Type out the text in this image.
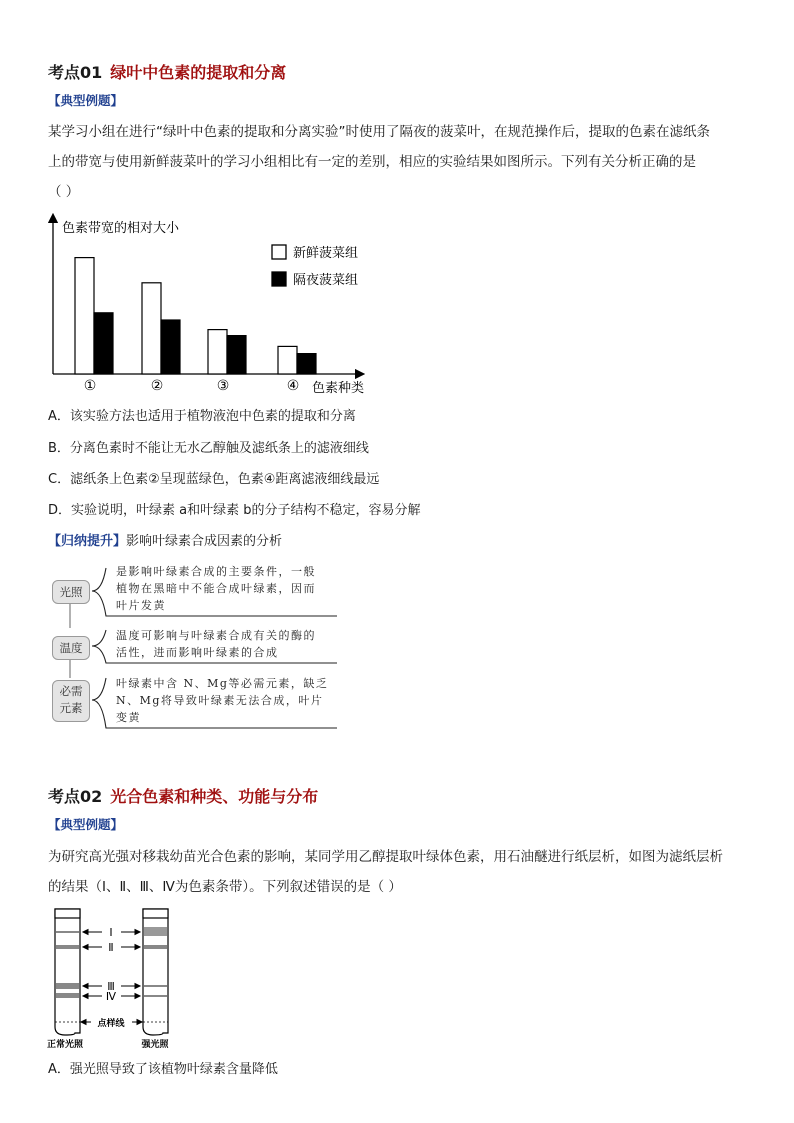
考点01 绿叶中色素的提取和分离
【典型例题】
某学习小组在进行“绿叶中色素的提取和分离实验”时使用了隔夜的菠菜叶，在规范操作后，提取的色素在滤纸条
上的带宽与使用新鲜菠菜叶的学习小组相比有一定的差别，相应的实验结果如图所示。下列有关分析正确的是
（ ）
色素带宽的相对大小
色素种类
①	②	③	④
新鲜菠菜组
隔夜菠菜组
A．该实验方法也适用于植物液泡中色素的提取和分离
B．分离色素时不能让无水乙醇触及滤纸条上的滤液细线
C．滤纸条上色素②呈现蓝绿色，色素④距离滤液细线最远
D．实验说明，叶绿素 a和叶绿素 b的分子结构不稳定，容易分解
【归纳提升】影响叶绿素合成因素的分析
光照
温度
必需
元素
是影响叶绿素合成的主要条件，一般
植物在黑暗中不能合成叶绿素，因而
叶片发黄
温度可影响与叶绿素合成有关的酶的
活性，进而影响叶绿素的合成
叶绿素中含 N、Mg等必需元素，缺乏
N、Mg将导致叶绿素无法合成，叶片
变黄
考点02 光合色素和种类、功能与分布
【典型例题】
为研究高光强对移栽幼苗光合色素的影响，某同学用乙醇提取叶绿体色素，用石油醚进行纸层析，如图为滤纸层析
的结果（Ⅰ、Ⅱ、Ⅲ、Ⅳ为色素条带）。下列叙述错误的是（ ）
Ⅰ
Ⅱ
Ⅲ
Ⅳ
点样线
正常光照	强光照
A．强光照导致了该植物叶绿素含量降低
